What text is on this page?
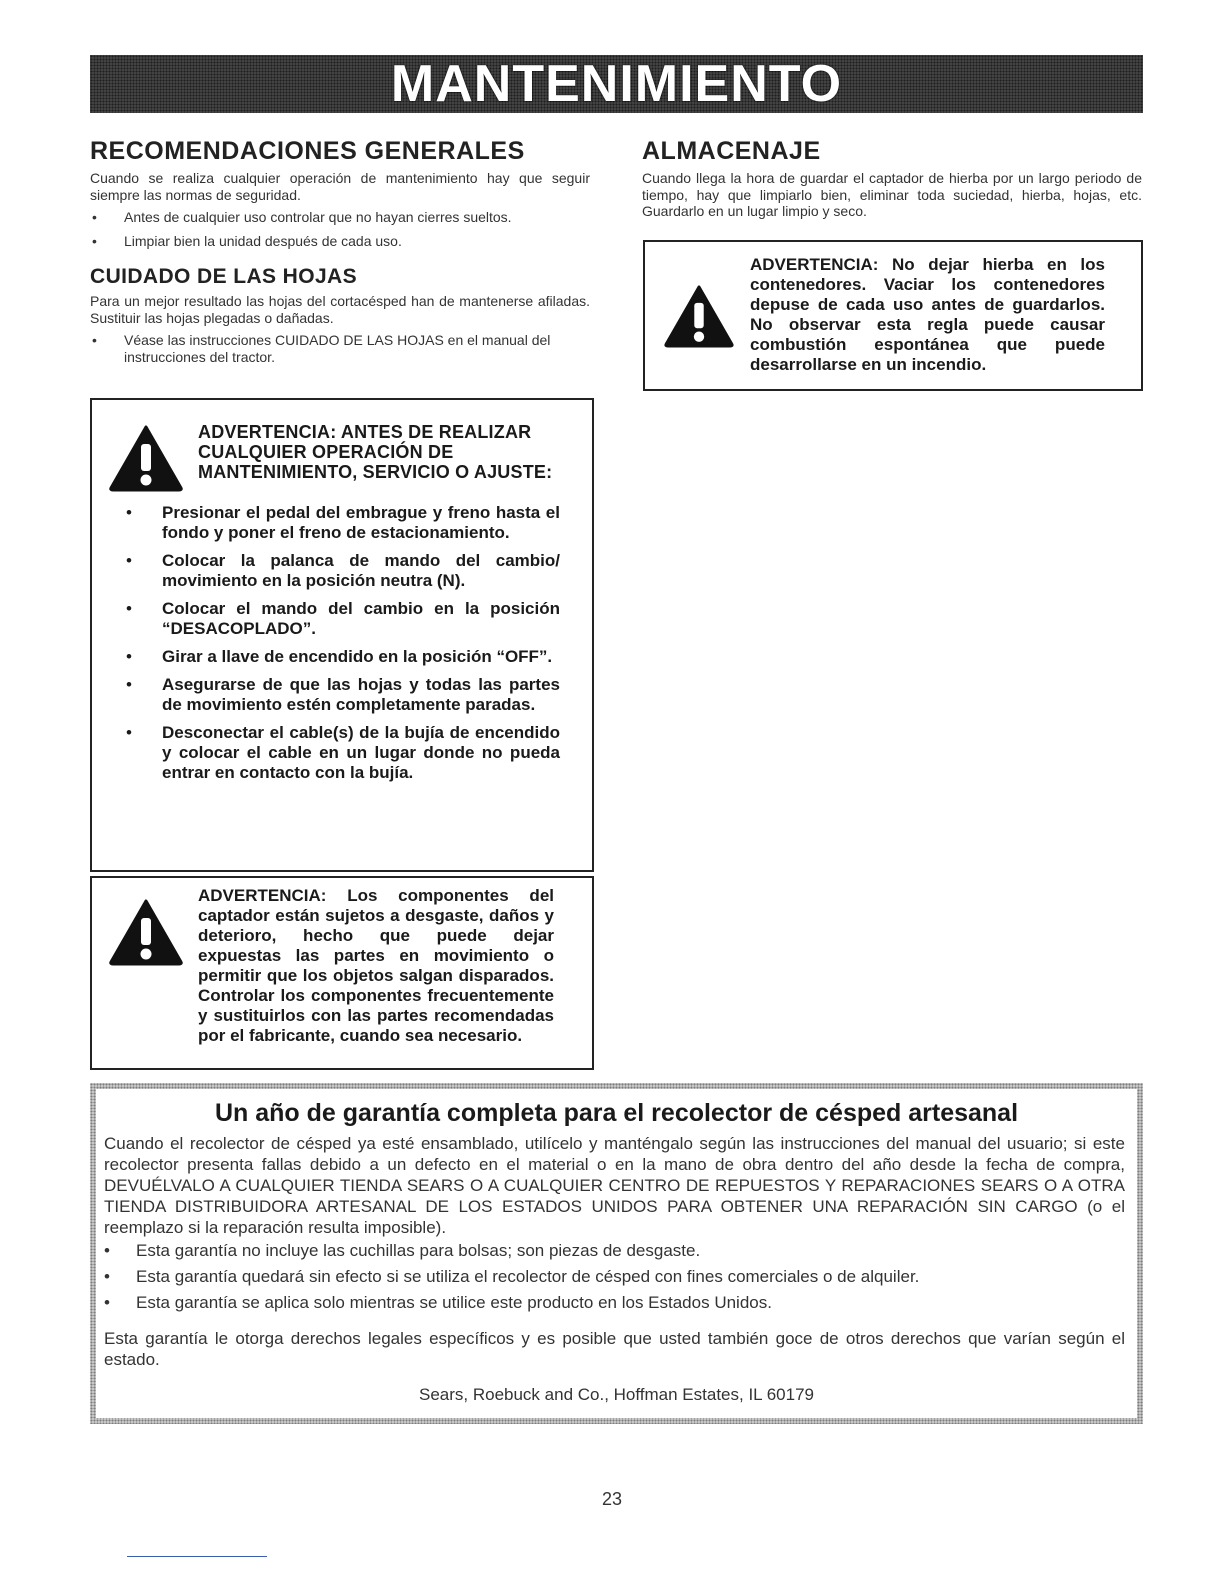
MANTENIMIENTO
RECOMENDACIONES GENERALES
Cuando se realiza cualquier operación de mantenimiento hay que seguir siempre las normas de seguridad.
• Antes de cualquier uso controlar que no hayan cierres sueltos.
• Limpiar bien la unidad después de cada uso.
CUIDADO DE LAS HOJAS
Para un mejor resultado las hojas del cortacésped han de mantenerse afiladas. Sustituir las hojas plegadas o dañadas.
• Véase las instrucciones CUIDADO DE LAS HOJAS en el manual del instrucciones del tractor.
ADVERTENCIA: ANTES DE REALIZAR CUALQUIER OPERACIÓN DE MANTENIMIENTO, SERVICIO O AJUSTE:
• Presionar el pedal del embrague y freno hasta el fondo y poner el freno de estacionamiento.
• Colocar la palanca de mando del cambio/ movimiento en la posición neutra (N).
• Colocar el mando del cambio en la posición “DESACOPLADO”.
• Girar a llave de encendido en la posición “OFF”.
• Asegurarse de que las hojas y todas las partes de movimiento estén completamente paradas.
• Desconectar el cable(s) de la bujía de encendido y colocar el cable en un lugar donde no pueda entrar en contacto con la bujía.
ADVERTENCIA: Los componentes del captador están sujetos a desgaste, daños y deterioro, hecho que puede dejar expuestas las partes en movimiento o permitir que los objetos salgan disparados. Controlar los componentes frecuentemente y sustituirlos con las partes recomendadas por el fabricante, cuando sea necesario.
ALMACENAJE
Cuando llega la hora de guardar el captador de hierba por un largo periodo de tiempo, hay que limpiarlo bien, eliminar toda suciedad, hierba, hojas, etc. Guardarlo en un lugar limpio y seco.
ADVERTENCIA: No dejar hierba en los contenedores. Vaciar los contenedores depuse de cada uso antes de guardarlos. No observar esta regla puede causar combustión espontánea que puede desarrollarse en un incendio.
Un año de garantía completa para el recolector de césped artesanal
Cuando el recolector de césped ya esté ensamblado, utilícelo y manténgalo según las instrucciones del manual del usuario; si este recolector presenta fallas debido a un defecto en el material o en la mano de obra dentro del año desde la fecha de compra, DEVUÉLVALO A CUALQUIER TIENDA SEARS O A CUALQUIER CENTRO DE REPUESTOS Y REPARACIONES SEARS O A OTRA TIENDA DISTRIBUIDORA ARTESANAL DE LOS ESTADOS UNIDOS PARA OBTENER UNA REPARACIÓN SIN CARGO (o el reemplazo si la reparación resulta imposible).
• Esta garantía no incluye las cuchillas para bolsas; son piezas de desgaste.
• Esta garantía quedará sin efecto si se utiliza el recolector de césped con fines comerciales o de alquiler.
• Esta garantía se aplica solo mientras se utilice este producto en los Estados Unidos.
Esta garantía le otorga derechos legales específicos y es posible que usted también goce de otros derechos que varían según el estado.
Sears, Roebuck and Co., Hoffman Estates, IL 60179
23
